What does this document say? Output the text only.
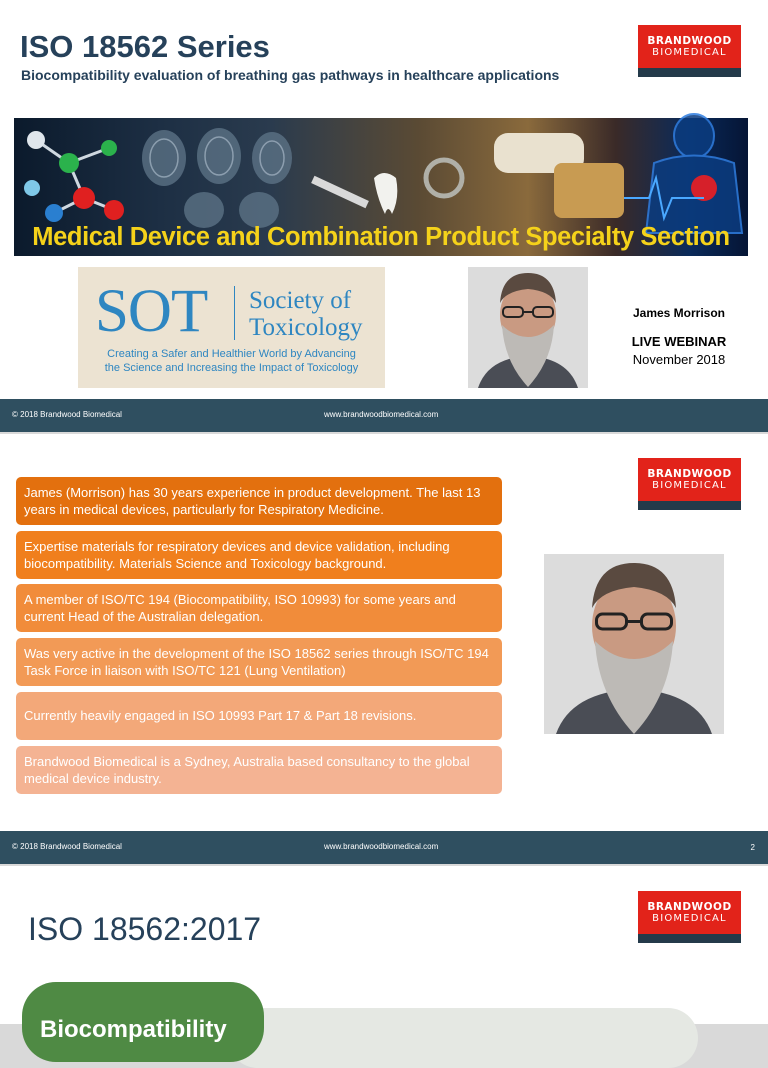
ISO 18562 Series
Biocompatibility evaluation of breathing gas pathways in healthcare applications
BRANDWOOD
BIOMEDICAL
Medical Device and Combination Product Specialty Section
SOT Society of
Toxicology
Creating a Safer and Healthier World by Advancing
the Science and Increasing the Impact of Toxicology
James Morrison
LIVE WEBINAR
November 2018
© 2018 Brandwood Biomedical	www.brandwoodbiomedical.com
BRANDWOOD
BIOMEDICAL
James (Morrison) has 30 years experience in product development. The last 13 years in medical devices, particularly for Respiratory Medicine.
Expertise materials for respiratory devices and device validation, including biocompatibility. Materials Science and Toxicology background.
A member of ISO/TC 194 (Biocompatibility, ISO 10993) for some years and current Head of the Australian delegation.
Was very active in the development of the ISO 18562 series through ISO/TC 194 Task Force in liaison with ISO/TC 121 (Lung Ventilation)
Currently heavily engaged in ISO 10993 Part 17 & Part 18 revisions.
Brandwood Biomedical is a Sydney, Australia based consultancy to the global medical device industry.
© 2018 Brandwood Biomedical	www.brandwoodbiomedical.com	2
ISO 18562:2017
BRANDWOOD
BIOMEDICAL
Biocompatibility
